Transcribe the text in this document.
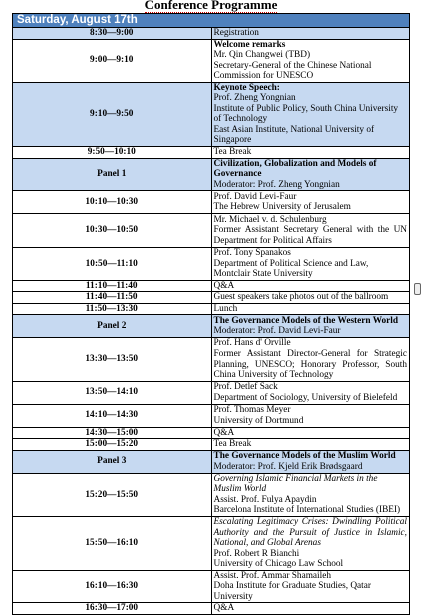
Conference Programme
Saturday, August 17th	
8:30—9:00	Registration

9:00—9:10	Welcome remarks
Mr. Qin Changwei (TBD)
Secretary-General of the Chinese National Commission for UNESCO

9:10—9:50	Keynote Speech:
Prof. Zheng Yongnian
Institute of Public Policy, South China University of Technology
East Asian Institute, National University of Singapore

9:50—10:10	Tea Break

Panel 1	Civilization, Globalization and Models of Governance
Moderator: Prof. Zheng Yongnian

10:10—10:30	Prof. David Levi-Faur
The Hebrew University of Jerusalem

10:30—10:50	Mr. Michael v. d. Schulenburg
Former Assistant Secretary General with the UN Department for Political Affairs

10:50—11:10	Prof. Tony Spanakos
Department of Political Science and Law, Montclair State University

11:10—11:40	Q&A

11:40—11:50	Guest speakers take photos out of the ballroom

11:50—13:30	Lunch

Panel 2	The Governance Models of the Western World
Moderator: Prof. David Levi-Faur

13:30—13:50	Prof. Hans d' Orville
Former Assistant Director-General for Strategic Planning, UNESCO; Honorary Professor, South China University of Technology

13:50—14:10	Prof. Detlef Sack
Department of Sociology, University of Bielefeld

14:10—14:30	Prof. Thomas Meyer
University of Dortmund

14:30—15:00	Q&A

15:00—15:20	Tea Break

Panel 3	The Governance Models of the Muslim World
Moderator: Prof. Kjeld Erik Brødsgaard

15:20—15:50	Governing Islamic Financial Markets in the Muslim World
Assist. Prof. Fulya Apaydin
Barcelona Institute of International Studies (IBEI)

15:50—16:10	Escalating Legitimacy Crises: Dwindling Political Authority and the Pursuit of Justice in Islamic, National, and Global Arenas
Prof. Robert R Bianchi
University of Chicago Law School

16:10—16:30	Assist. Prof. Ammar Shamaileh
Doha Institute for Graduate Studies, Qatar University

16:30—17:00	Q&A
